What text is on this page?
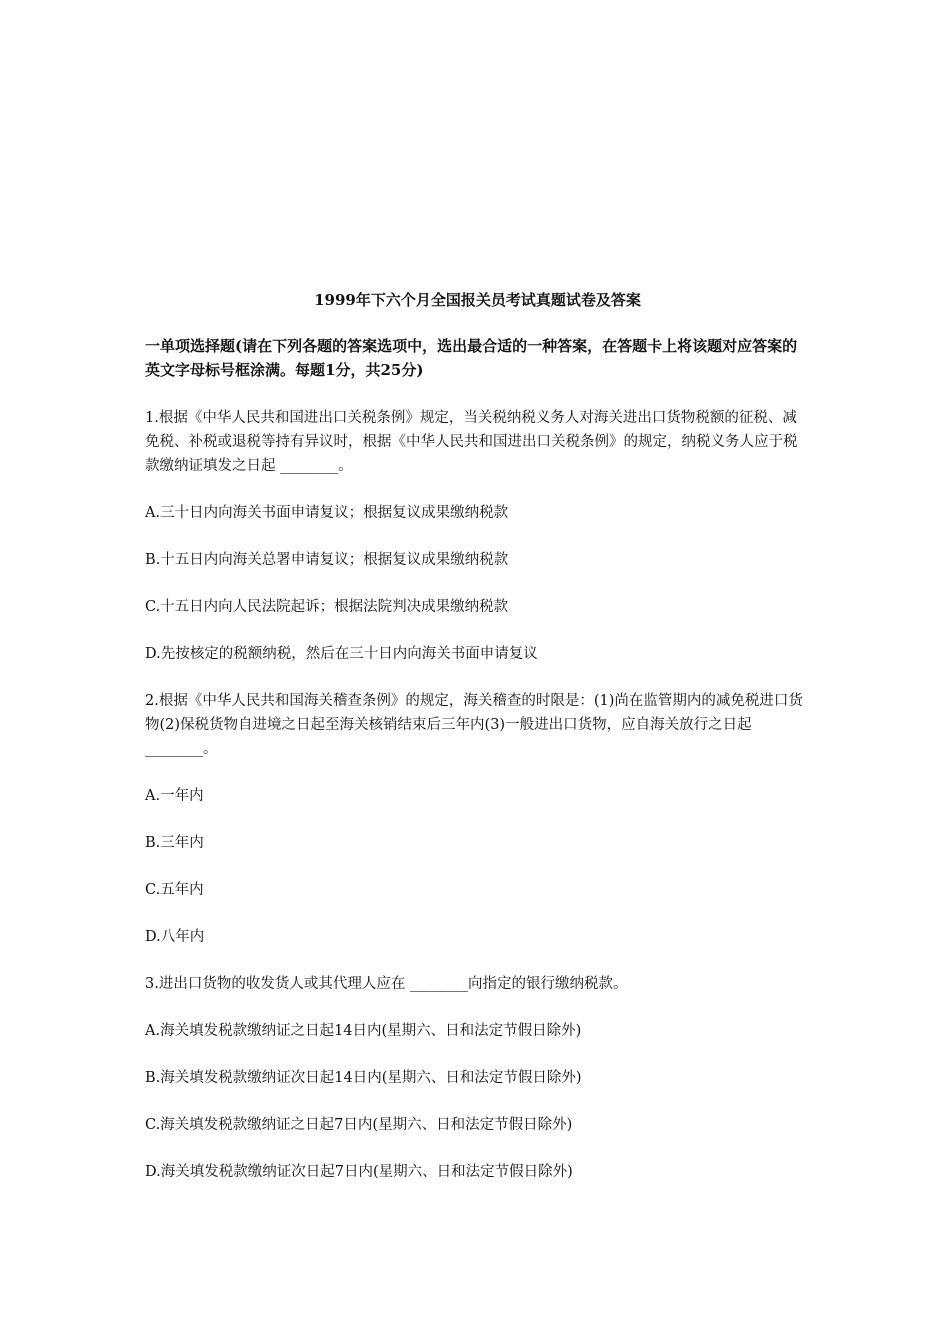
1999年下六个月全国报关员考试真题试卷及答案
一单项选择题(请在下列各题的答案选项中，选出最合适的一种答案，在答题卡上将该题对应答案的英文字母标号框涂满。每题1分，共25分)
1.根据《中华人民共和国进出口关税条例》规定，当关税纳税义务人对海关进出口货物税额的征税、减免税、补税或退税等持有异议时，根据《中华人民共和国进出口关税条例》的规定，纳税义务人应于税款缴纳证填发之日起 ________。
A.三十日内向海关书面申请复议；根据复议成果缴纳税款
B.十五日内向海关总署申请复议；根据复议成果缴纳税款
C.十五日内向人民法院起诉；根据法院判决成果缴纳税款
D.先按核定的税额纳税，然后在三十日内向海关书面申请复议
2.根据《中华人民共和国海关稽查条例》的规定，海关稽查的时限是：(1)尚在监管期内的减免税进口货物(2)保税货物自进境之日起至海关核销结束后三年内(3)一般进出口货物，应自海关放行之日起 ________。
A.一年内
B.三年内
C.五年内
D.八年内
3.进出口货物的收发货人或其代理人应在 ________向指定的银行缴纳税款。
A.海关填发税款缴纳证之日起14日内(星期六、日和法定节假日除外)
B.海关填发税款缴纳证次日起14日内(星期六、日和法定节假日除外)
C.海关填发税款缴纳证之日起7日内(星期六、日和法定节假日除外)
D.海关填发税款缴纳证次日起7日内(星期六、日和法定节假日除外)
